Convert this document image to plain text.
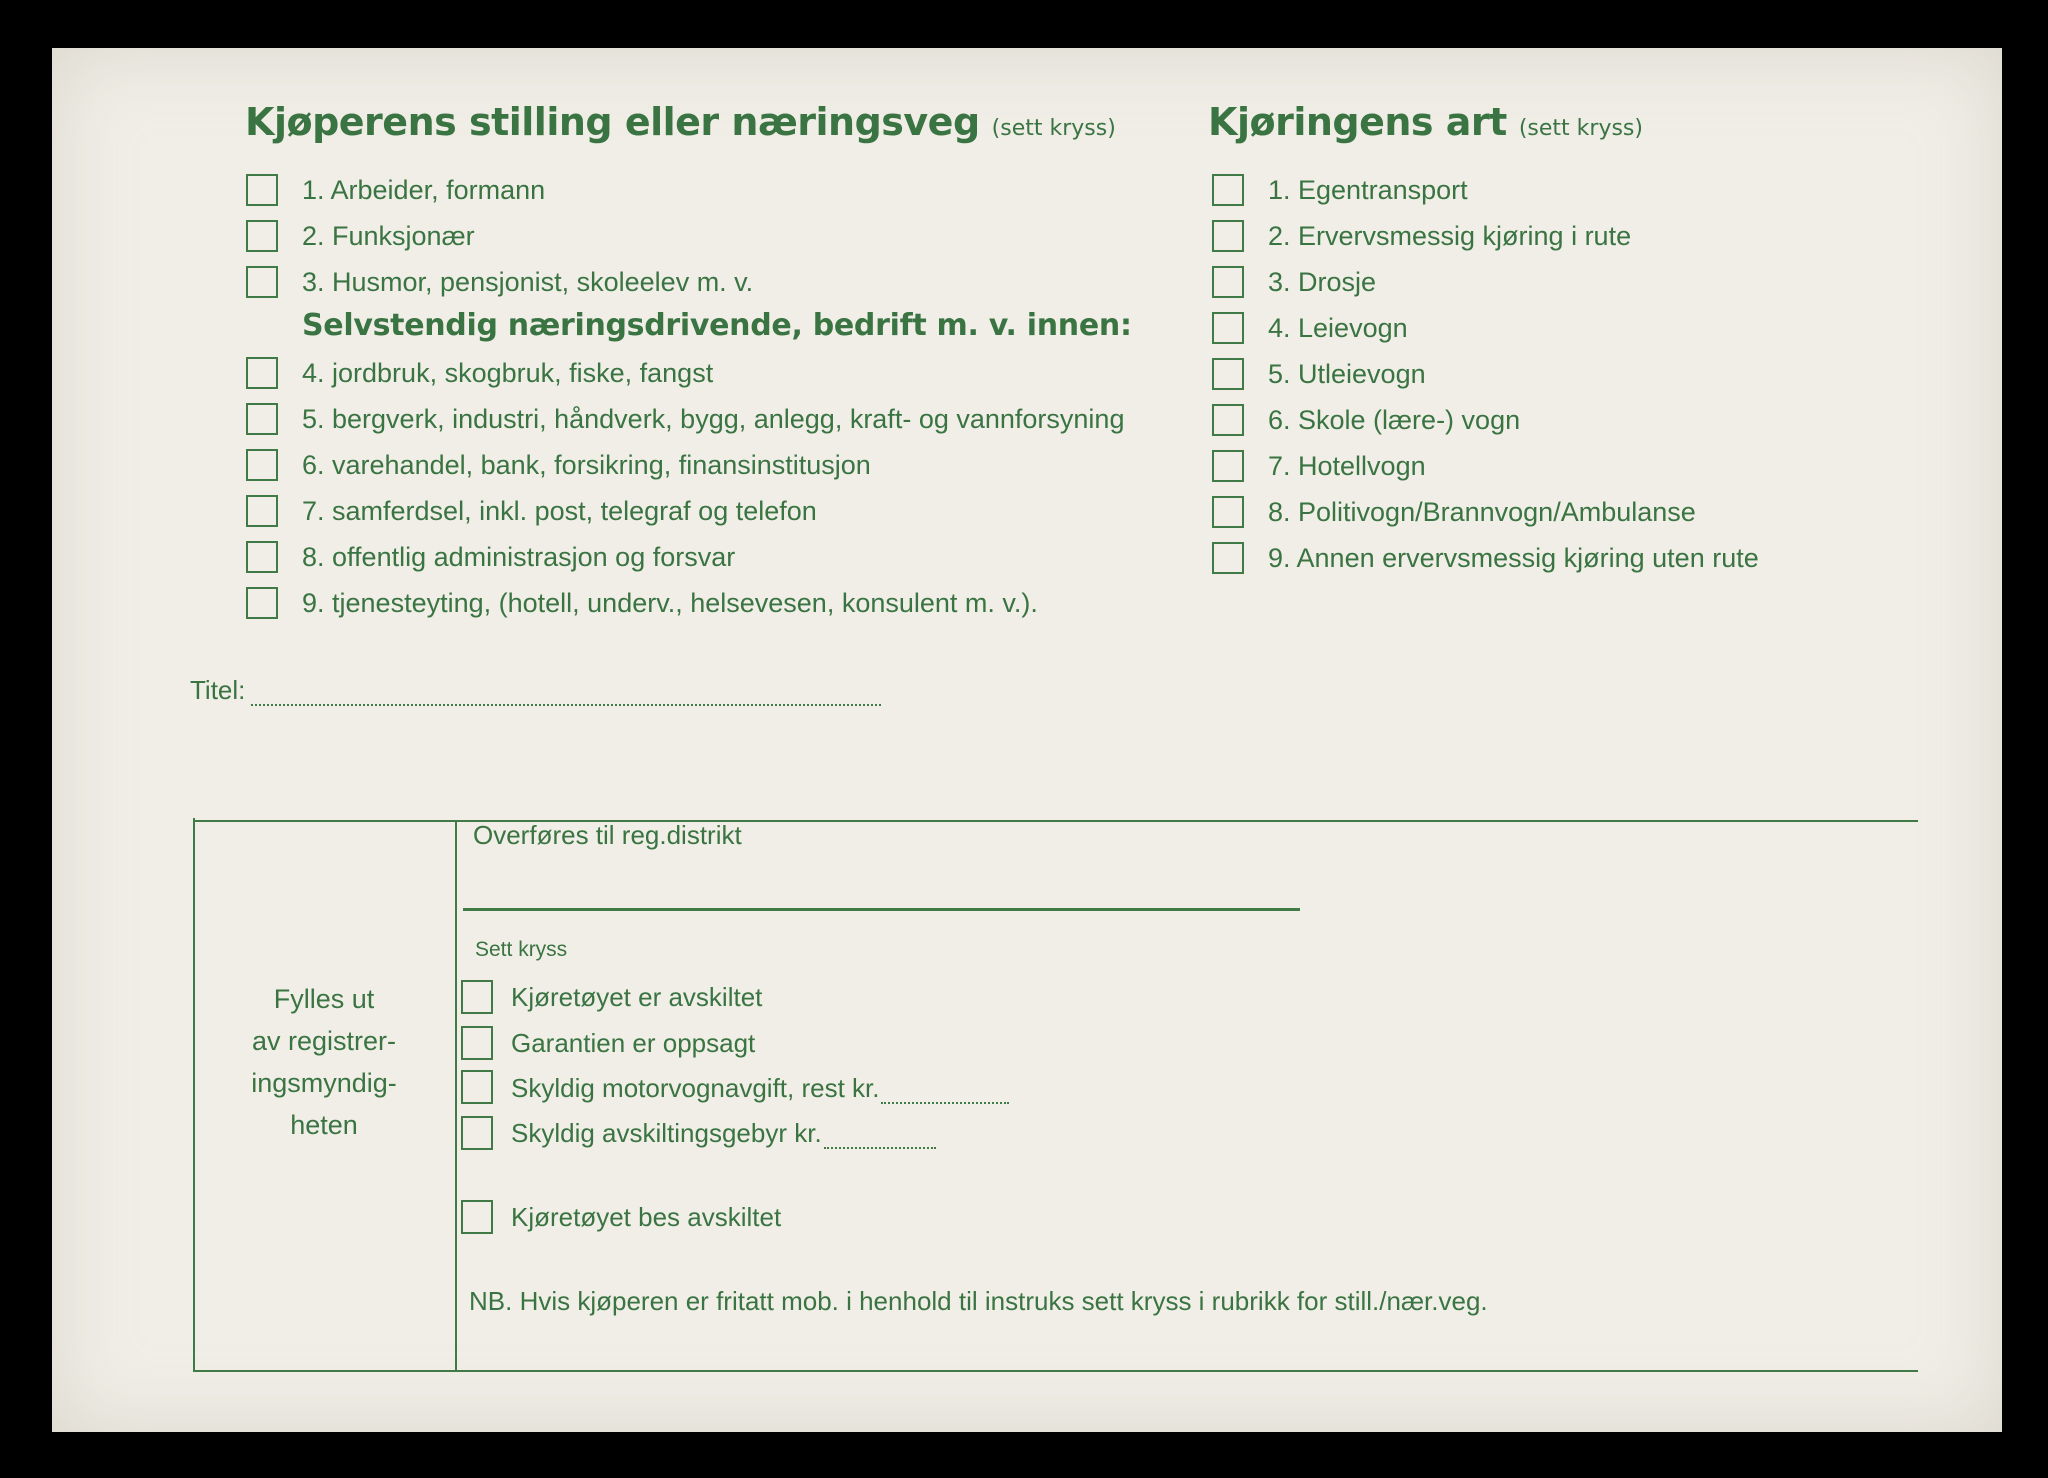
Kjøperens stilling eller næringsveg (sett kryss) Kjøringens art (sett kryss)
1. Arbeider, formann
2. Funksjonær
3. Husmor, pensjonist, skoleelev m. v.
Selvstendig næringsdrivende, bedrift m. v. innen:
4. jordbruk, skogbruk, fiske, fangst
5. bergverk, industri, håndverk, bygg, anlegg, kraft- og vannforsyning
6. varehandel, bank, forsikring, finansinstitusjon
7. samferdsel, inkl. post, telegraf og telefon
8. offentlig administrasjon og forsvar
9. tjenesteyting, (hotell, underv., helsevesen, konsulent m. v.).
1. Egentransport
2. Ervervsmessig kjøring i rute
3. Drosje
4. Leievogn
5. Utleievogn
6. Skole (lære-) vogn
7. Hotellvogn
8. Politivogn/Brannvogn/Ambulanse
9. Annen ervervsmessig kjøring uten rute
Titel:
Fylles ut
av registrer-
ingsmyndig-
heten
Overføres til reg.distrikt
Sett kryss
Kjøretøyet er avskiltet
Garantien er oppsagt
Skyldig motorvognavgift, rest kr.
Skyldig avskiltingsgebyr kr.
Kjøretøyet bes avskiltet
NB. Hvis kjøperen er fritatt mob. i henhold til instruks sett kryss i rubrikk for still./nær.veg.
